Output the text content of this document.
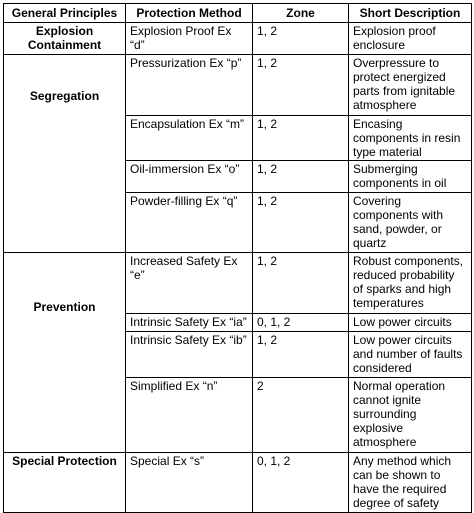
General Principles	Protection Method	Zone	Short Description
Explosion Containment	Explosion Proof Ex “d”	1, 2	Explosion proof enclosure

Segregation	Pressurization Ex “p”	1, 2	Overpressure to protect energized parts from ignitable atmosphere
	Encapsulation Ex “m”	1, 2	Encasing components in resin type material
	Oil-immersion Ex “o”	1, 2	Submerging components in oil
	Powder-filling Ex “q”	1, 2	Covering components with sand, powder, or quartz

Prevention	Increased Safety Ex “e”	1, 2	Robust components, reduced probability of sparks and high temperatures
	Intrinsic Safety Ex “ia”	0, 1, 2	Low power circuits
	Intrinsic Safety Ex “ib”	1, 2	Low power circuits and number of faults considered
	Simplified Ex “n”	2	Normal operation cannot ignite surrounding explosive atmosphere
Special Protection	Special Ex “s”	0, 1, 2	Any method which can be shown to have the required degree of safety
